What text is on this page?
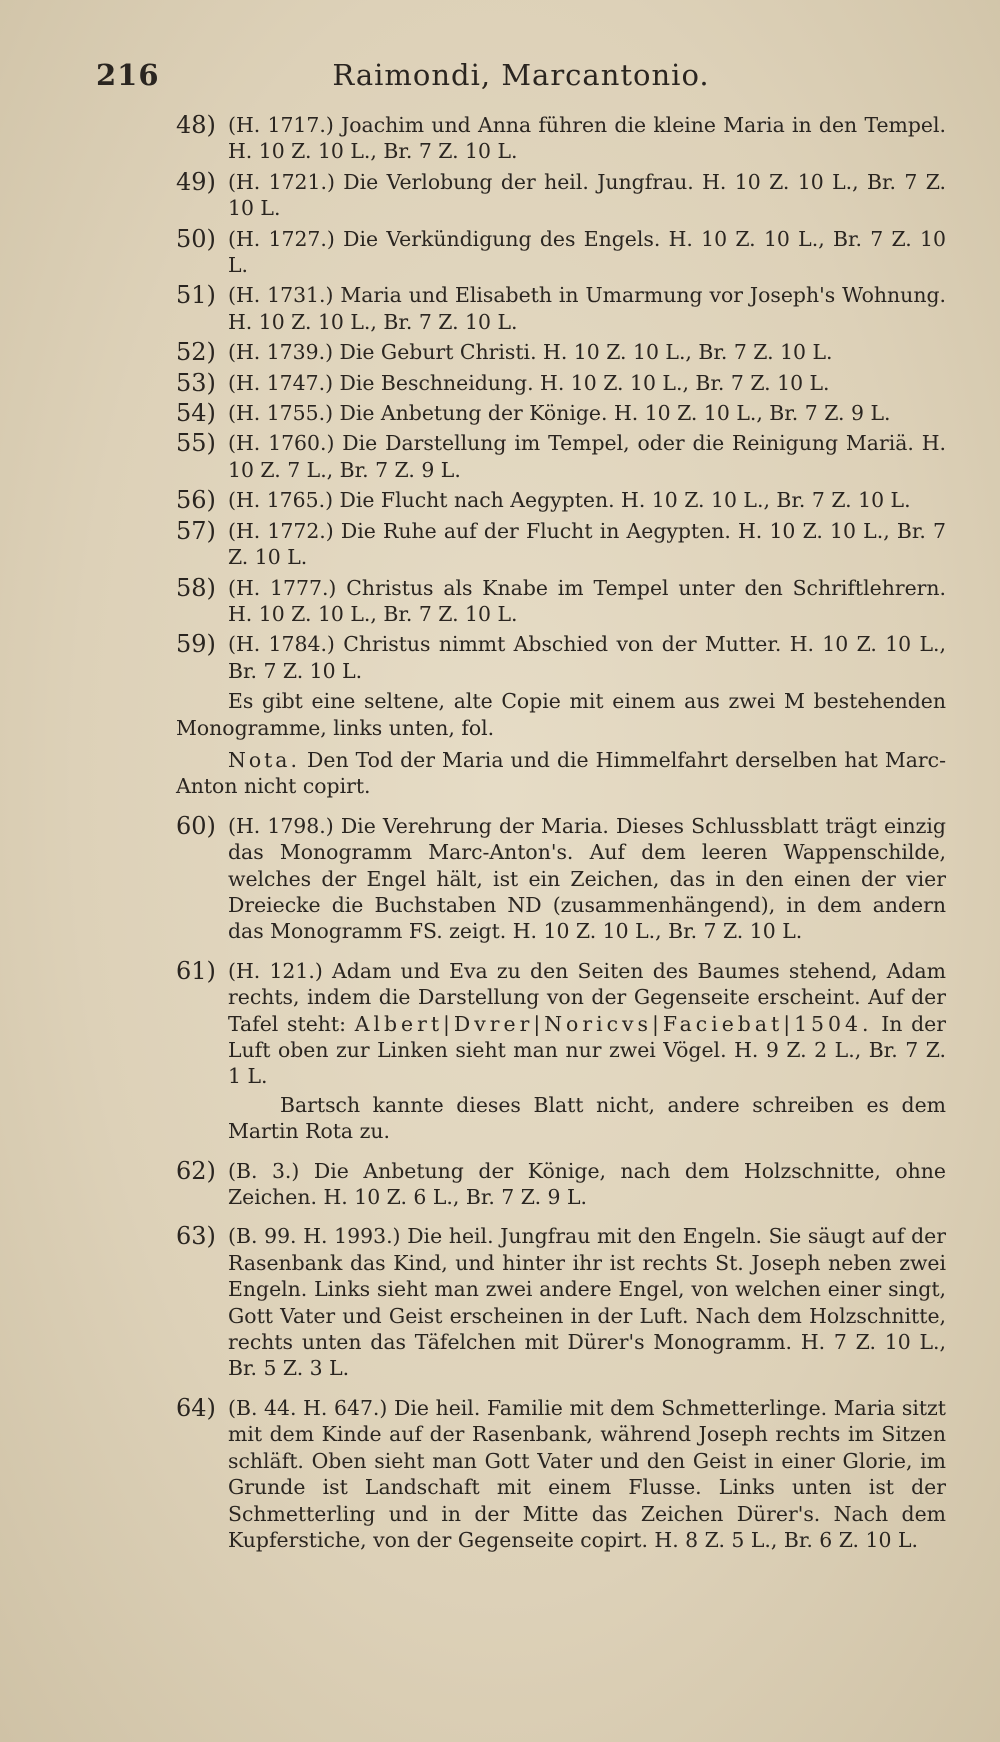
216	Raimondi, Marcantonio.
48) (H. 1717.) Joachim und Anna führen die kleine Maria in den Tempel. H. 10 Z. 10 L., Br. 7 Z. 10 L.
49) (H. 1721.) Die Verlobung der heil. Jungfrau. H. 10 Z. 10 L., Br. 7 Z. 10 L.
50) (H. 1727.) Die Verkündigung des Engels. H. 10 Z. 10 L., Br. 7 Z. 10 L.
51) (H. 1731.) Maria und Elisabeth in Umarmung vor Joseph's Wohnung. H. 10 Z. 10 L., Br. 7 Z. 10 L.
52) (H. 1739.) Die Geburt Christi. H. 10 Z. 10 L., Br. 7 Z. 10 L.
53) (H. 1747.) Die Beschneidung. H. 10 Z. 10 L., Br. 7 Z. 10 L.
54) (H. 1755.) Die Anbetung der Könige. H. 10 Z. 10 L., Br. 7 Z. 9 L.
55) (H. 1760.) Die Darstellung im Tempel, oder die Reinigung Mariä. H. 10 Z. 7 L., Br. 7 Z. 9 L.
56) (H. 1765.) Die Flucht nach Aegypten. H. 10 Z. 10 L., Br. 7 Z. 10 L.
57) (H. 1772.) Die Ruhe auf der Flucht in Aegypten. H. 10 Z. 10 L., Br. 7 Z. 10 L.
58) (H. 1777.) Christus als Knabe im Tempel unter den Schriftlehrern. H. 10 Z. 10 L., Br. 7 Z. 10 L.
59) (H. 1784.) Christus nimmt Abschied von der Mutter. H. 10 Z. 10 L., Br. 7 Z. 10 L.

Es gibt eine seltene, alte Copie mit einem aus zwei M bestehenden Monogramme, links unten, fol.

Nota. Den Tod der Maria und die Himmelfahrt derselben hat Marc-Anton nicht copirt.

60) (H. 1798.) Die Verehrung der Maria. Dieses Schlussblatt trägt einzig das Monogramm Marc-Anton's. Auf dem leeren Wappenschilde, welches der Engel hält, ist ein Zeichen, das in den einen der vier Dreiecke die Buchstaben ND (zusammenhängend), in dem andern das Monogramm FS. zeigt. H. 10 Z. 10 L., Br. 7 Z. 10 L.
61) (H. 121.) Adam und Eva zu den Seiten des Baumes stehend, Adam rechts, indem die Darstellung von der Gegenseite erscheint. Auf der Tafel steht: Albert|Dvrer|Noricvs|Faciebat|1504. In der Luft oben zur Linken sieht man nur zwei Vögel. H. 9 Z. 2 L., Br. 7 Z. 1 L.
Bartsch kannte dieses Blatt nicht, andere schreiben es dem Martin Rota zu.
62) (B. 3.) Die Anbetung der Könige, nach dem Holzschnitte, ohne Zeichen. H. 10 Z. 6 L., Br. 7 Z. 9 L.
63) (B. 99. H. 1993.) Die heil. Jungfrau mit den Engeln. Sie säugt auf der Rasenbank das Kind, und hinter ihr ist rechts St. Joseph neben zwei Engeln. Links sieht man zwei andere Engel, von welchen einer singt, Gott Vater und Geist erscheinen in der Luft. Nach dem Holzschnitte, rechts unten das Täfelchen mit Dürer's Monogramm. H. 7 Z. 10 L., Br. 5 Z. 3 L.
64) (B. 44. H. 647.) Die heil. Familie mit dem Schmetterlinge. Maria sitzt mit dem Kinde auf der Rasenbank, während Joseph rechts im Sitzen schläft. Oben sieht man Gott Vater und den Geist in einer Glorie, im Grunde ist Landschaft mit einem Flusse. Links unten ist der Schmetterling und in der Mitte das Zeichen Dürer's. Nach dem Kupferstiche, von der Gegenseite copirt. H. 8 Z. 5 L., Br. 6 Z. 10 L.
